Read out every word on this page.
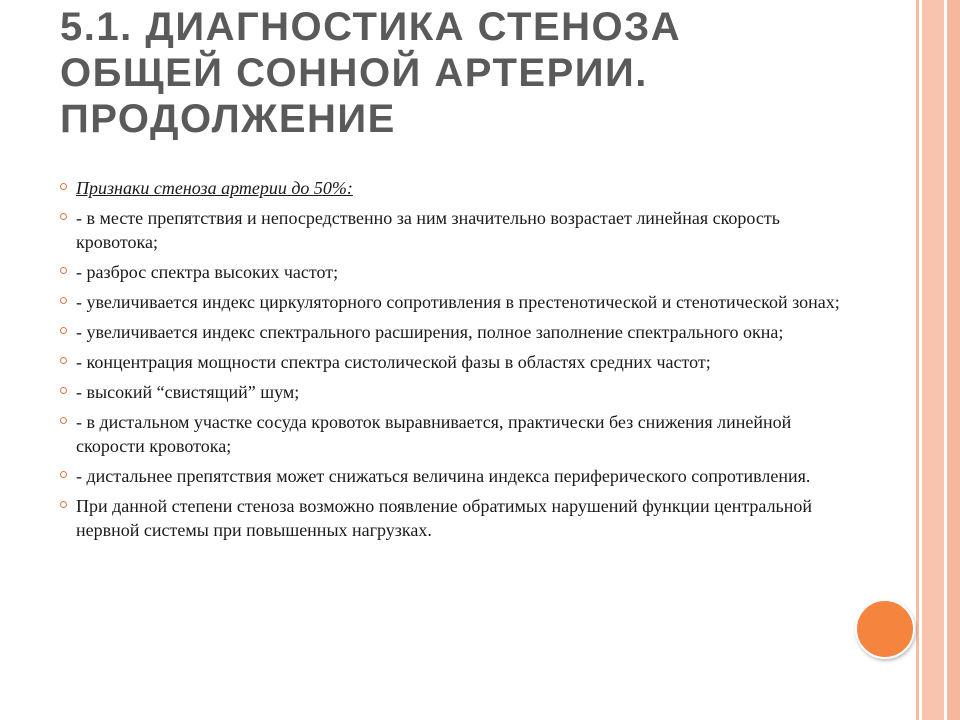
5.1. ДИАГНОСТИКА СТЕНОЗА
ОБЩЕЙ СОННОЙ АРТЕРИИ.
ПРОДОЛЖЕНИЕ
Признаки стеноза артерии до 50%:
- в месте препятствия и непосредственно за ним значительно возрастает линейная скорость кровотока;
- разброс спектра высоких частот;
- увеличивается индекс циркуляторного сопротивления в престенотической и стенотической зонах;
- увеличивается индекс спектрального расширения, полное заполнение спектрального окна;
- концентрация мощности спектра систолической фазы в областях средних частот;
- высокий “свистящий” шум;
- в дистальном участке сосуда кровоток выравнивается, практически без снижения линейной скорости кровотока;
- дистальнее препятствия может снижаться величина индекса периферического сопротивления.
При данной степени стеноза возможно появление обратимых нарушений функции центральной нервной системы при повышенных нагрузках.
